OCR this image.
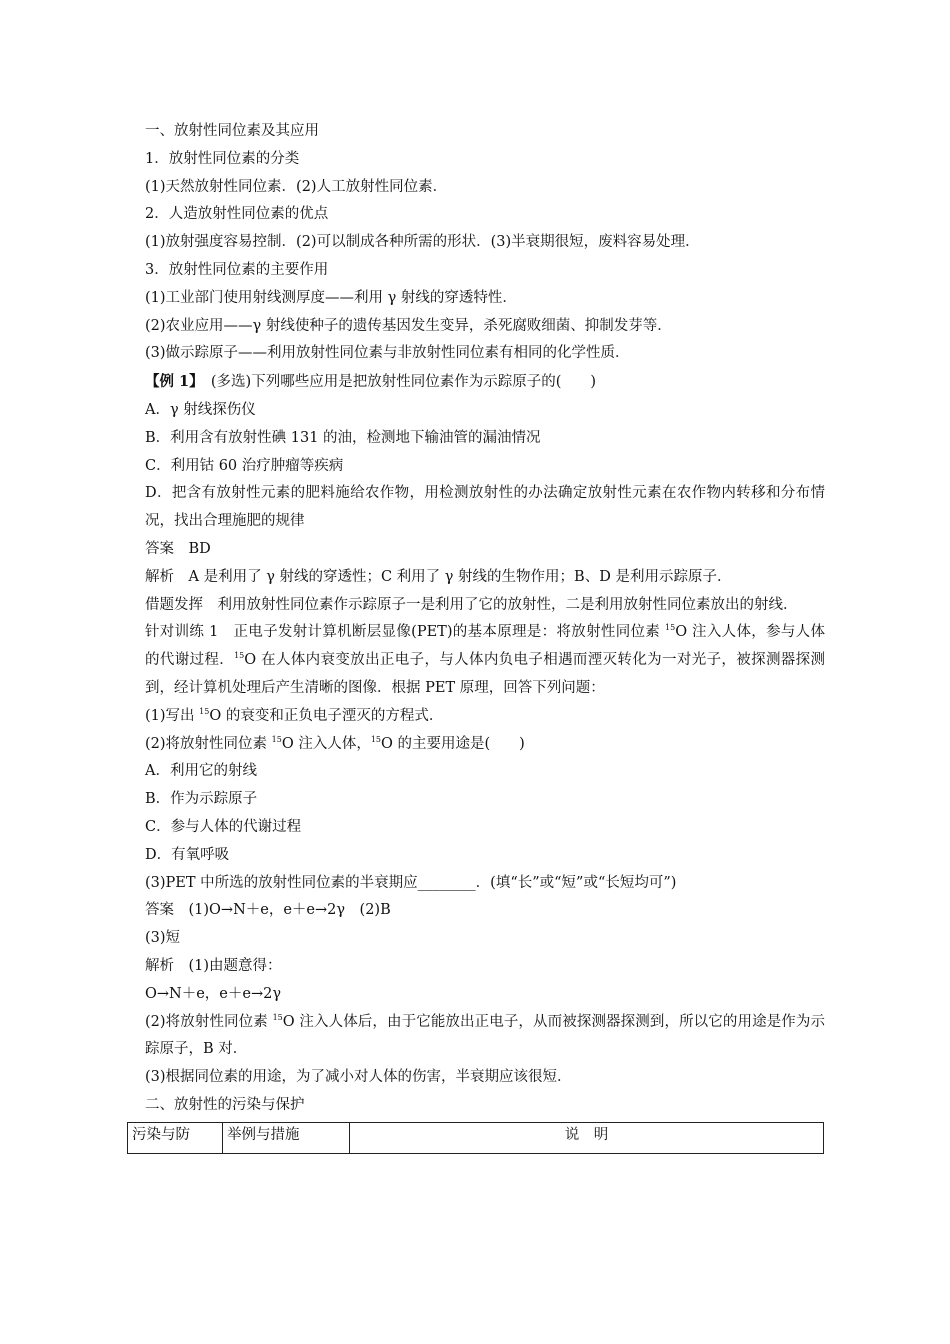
一、放射性同位素及其应用
1．放射性同位素的分类
(1)天然放射性同位素．(2)人工放射性同位素．
2．人造放射性同位素的优点
(1)放射强度容易控制．(2)可以制成各种所需的形状．(3)半衰期很短，废料容易处理．
3．放射性同位素的主要作用
(1)工业部门使用射线测厚度——利用 γ 射线的穿透特性．
(2)农业应用——γ 射线使种子的遗传基因发生变异，杀死腐败细菌、抑制发芽等．
(3)做示踪原子——利用放射性同位素与非放射性同位素有相同的化学性质．
【例 1】　(多选)下列哪些应用是把放射性同位素作为示踪原子的(　　)
A．γ 射线探伤仪
B．利用含有放射性碘 131 的油，检测地下输油管的漏油情况
C．利用钴 60 治疗肿瘤等疾病
D．把含有放射性元素的肥料施给农作物，用检测放射性的办法确定放射性元素在农作物内转移和分布情况，找出合理施肥的规律
答案　BD
解析　A 是利用了 γ 射线的穿透性；C 利用了 γ 射线的生物作用；B、D 是利用示踪原子．
借题发挥　利用放射性同位素作示踪原子一是利用了它的放射性，二是利用放射性同位素放出的射线．
针对训练 1　正电子发射计算机断层显像(PET)的基本原理是：将放射性同位素 $^{15}$O 注入人体，参与人体的代谢过程．$^{15}$O 在人体内衰变放出正电子，与人体内负电子相遇而湮灭转化为一对光子，被探测器探测到，经计算机处理后产生清晰的图像．根据 PET 原理，回答下列问题：
(1)写出 $^{15}$O 的衰变和正负电子湮灭的方程式．
(2)将放射性同位素 $^{15}$O 注入人体，$^{15}$O 的主要用途是(　　)
A．利用它的射线
B．作为示踪原子
C．参与人体的代谢过程
D．有氧呼吸
(3)PET 中所选的放射性同位素的半衰期应________．(填“长”或“短”或“长短均可”)
答案　(1)O→N＋e，e＋e→2γ　(2)B
(3)短
解析　(1)由题意得：
O→N＋e，e＋e→2γ
(2)将放射性同位素 $^{15}$O 注入人体后，由于它能放出正电子，从而被探测器探测到，所以它的用途是作为示踪原子，B 对．
(3)根据同位素的用途，为了减小对人体的伤害，半衰期应该很短．
二、放射性的污染与保护
污染与防	举例与措施	说　明
